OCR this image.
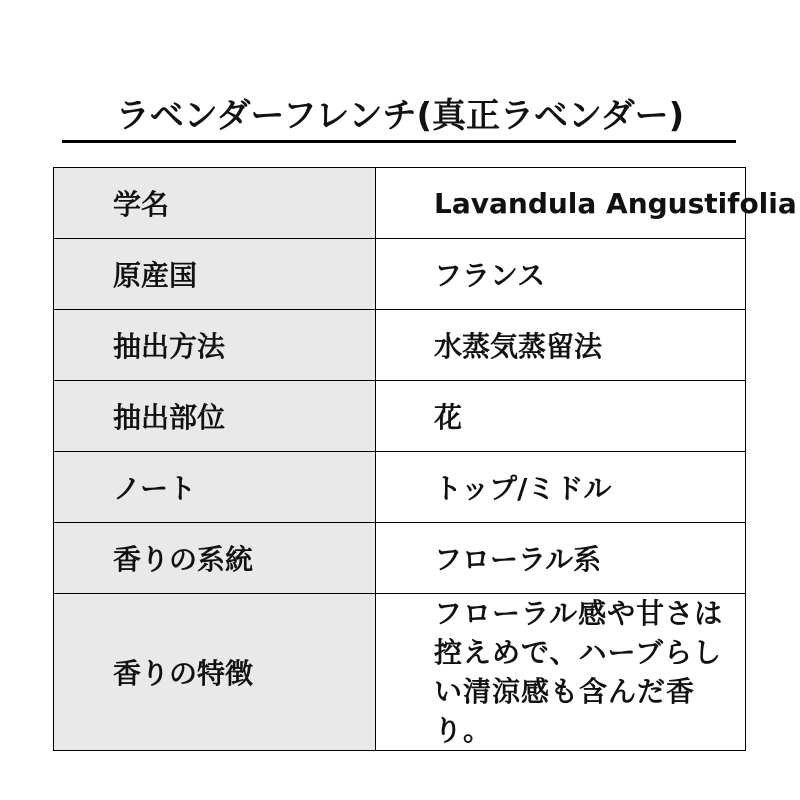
ラベンダーフレンチ(真正ラベンダー)
学名	Lavandula Angustifolia
原産国	フランス
抽出方法	水蒸気蒸留法
抽出部位	花
ノート	トップ/ミドル
香りの系統	フローラル系
香りの特徴	フローラル感や甘さは控えめで、ハーブらしい清涼感も含んだ香り。
